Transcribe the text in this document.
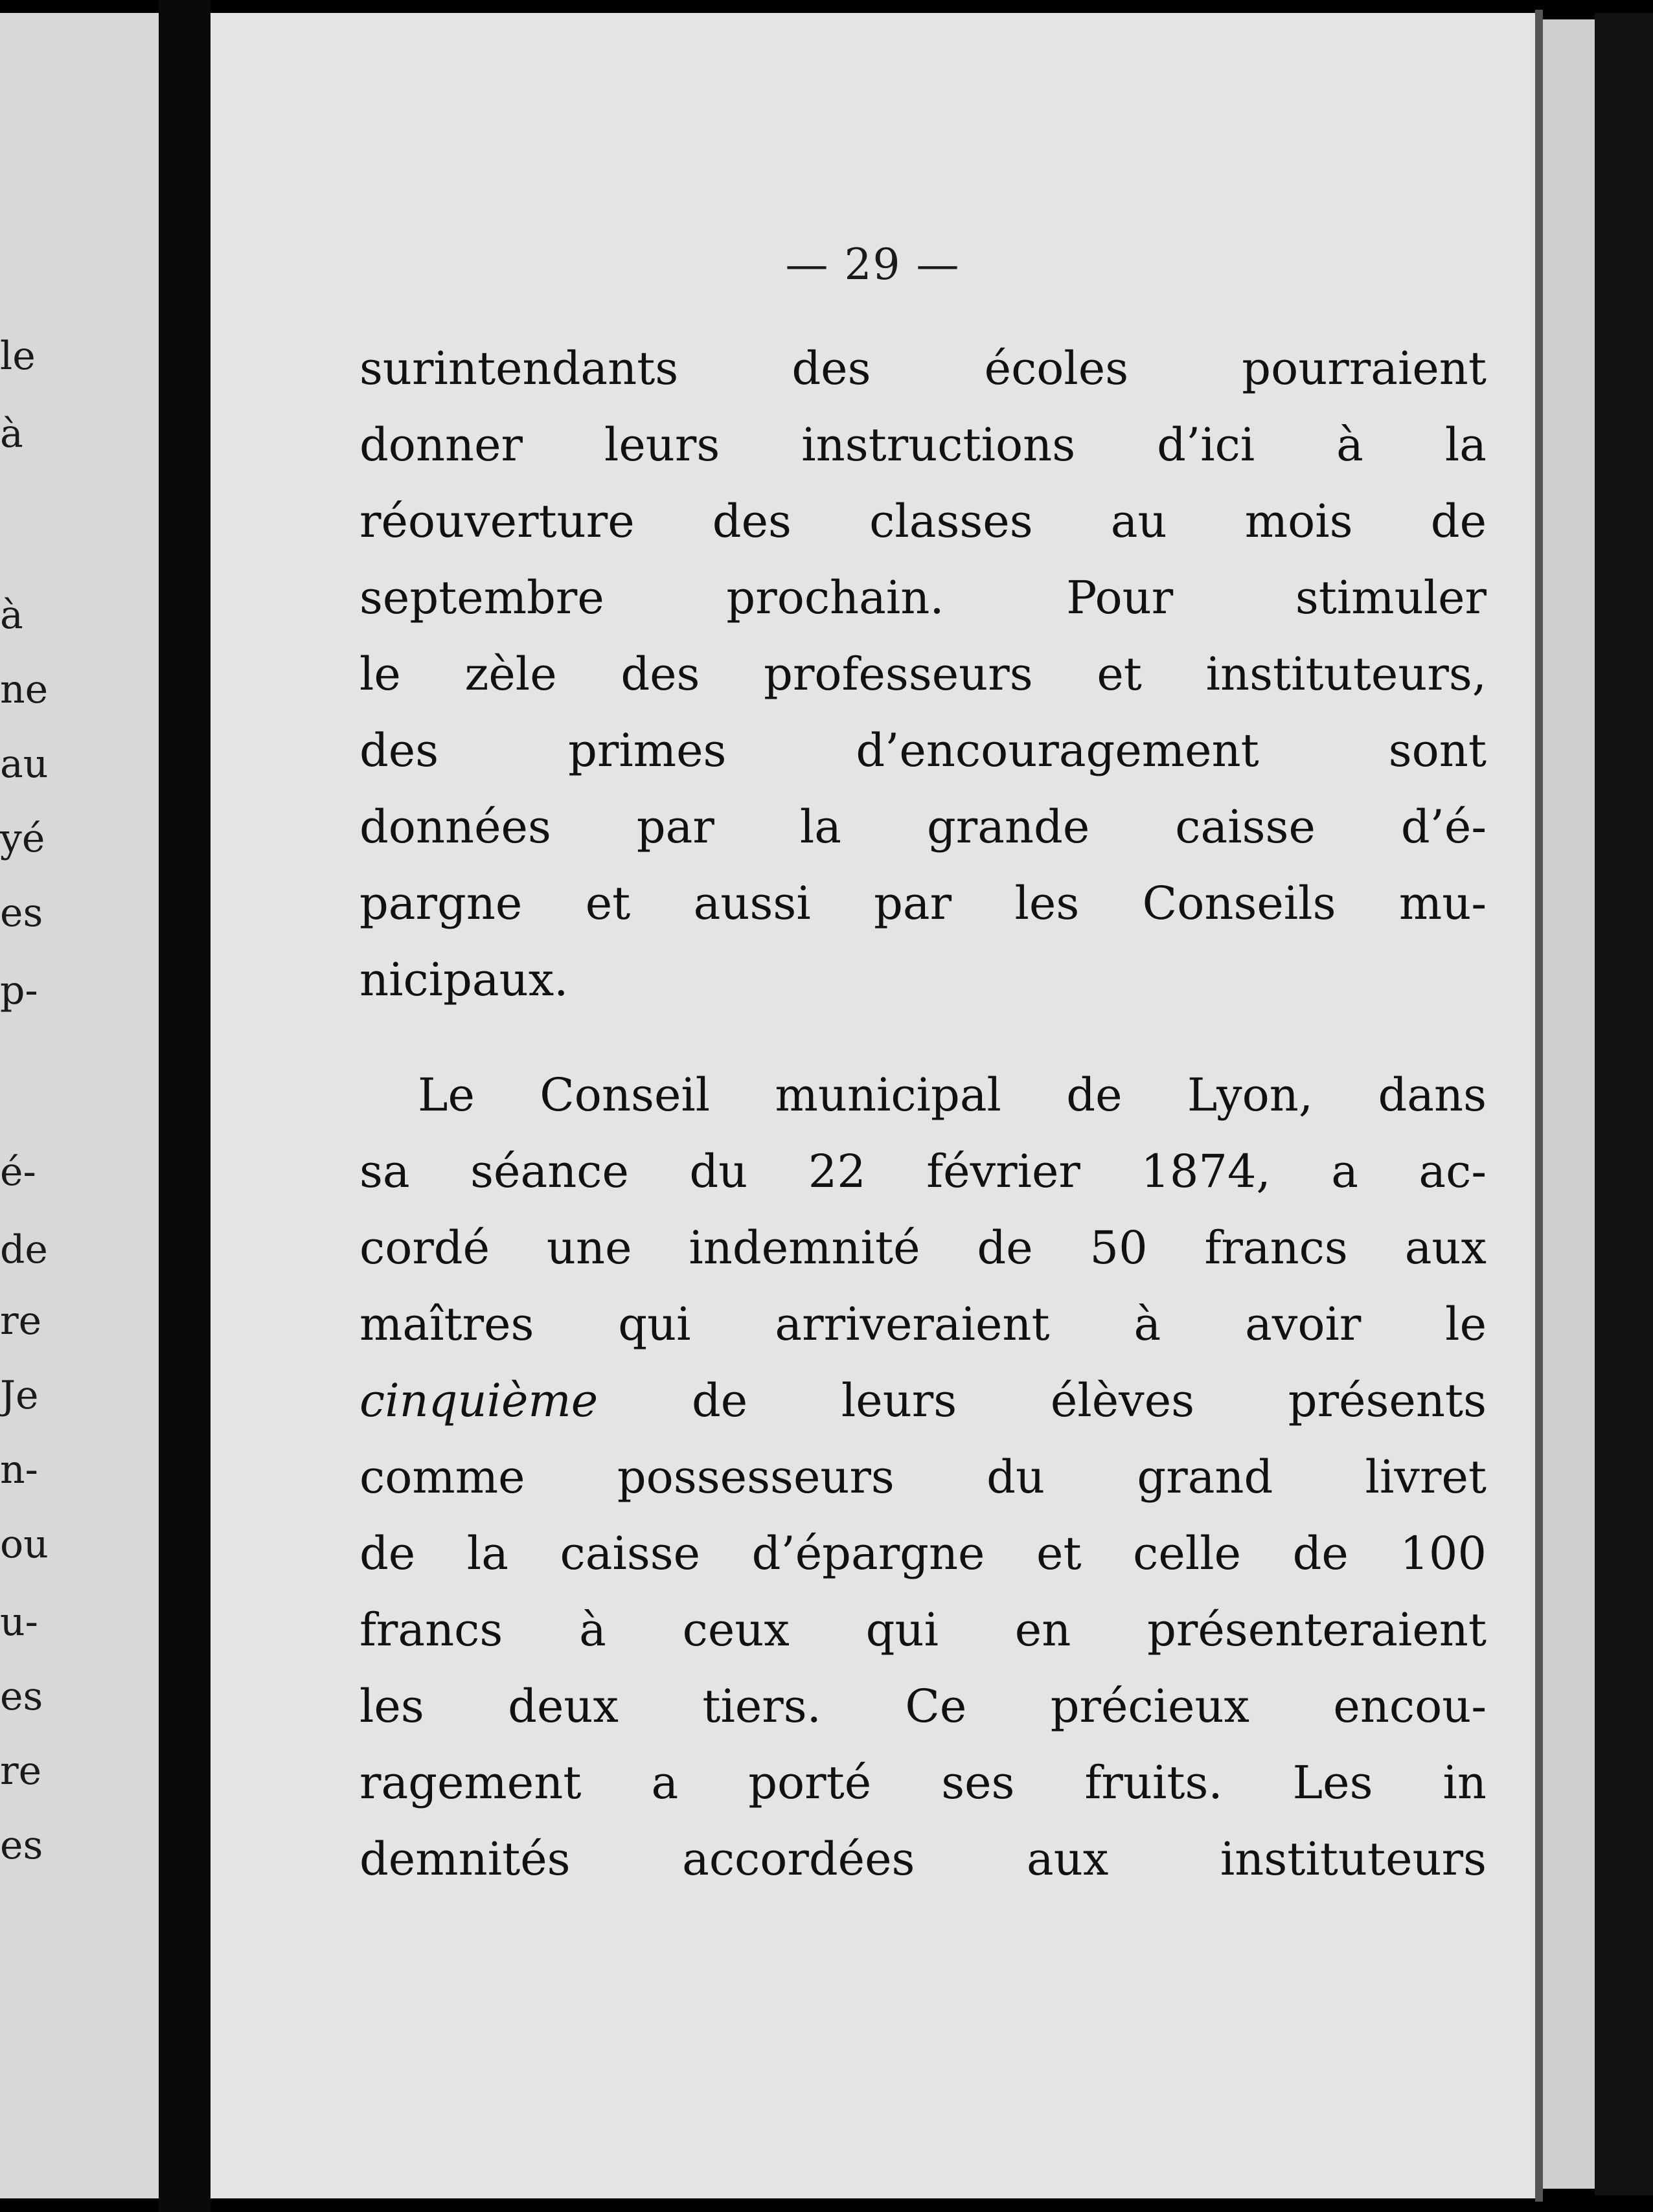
le
à
à
ne
au
yé
es
p-
é-
de
re
Je
n-
ou
u-
es
re
es
— 29 —
surintendants des écoles pourraient
donner leurs instructions d’ici à la
réouverture des classes au mois de
septembre prochain. Pour stimuler
le zèle des professeurs et instituteurs,
des primes d’encouragement sont
données par la grande caisse d’é-
pargne et aussi par les Conseils mu-
nicipaux.
Le Conseil municipal de Lyon, dans
sa séance du 22 février 1874, a ac-
cordé une indemnité de 50 francs aux
maîtres qui arriveraient à avoir le
cinquième de leurs élèves présents
comme possesseurs du grand livret
de la caisse d’épargne et celle de 100
francs à ceux qui en présenteraient
les deux tiers. Ce précieux encou-
ragement a porté ses fruits. Les in
demnités accordées aux instituteurs
